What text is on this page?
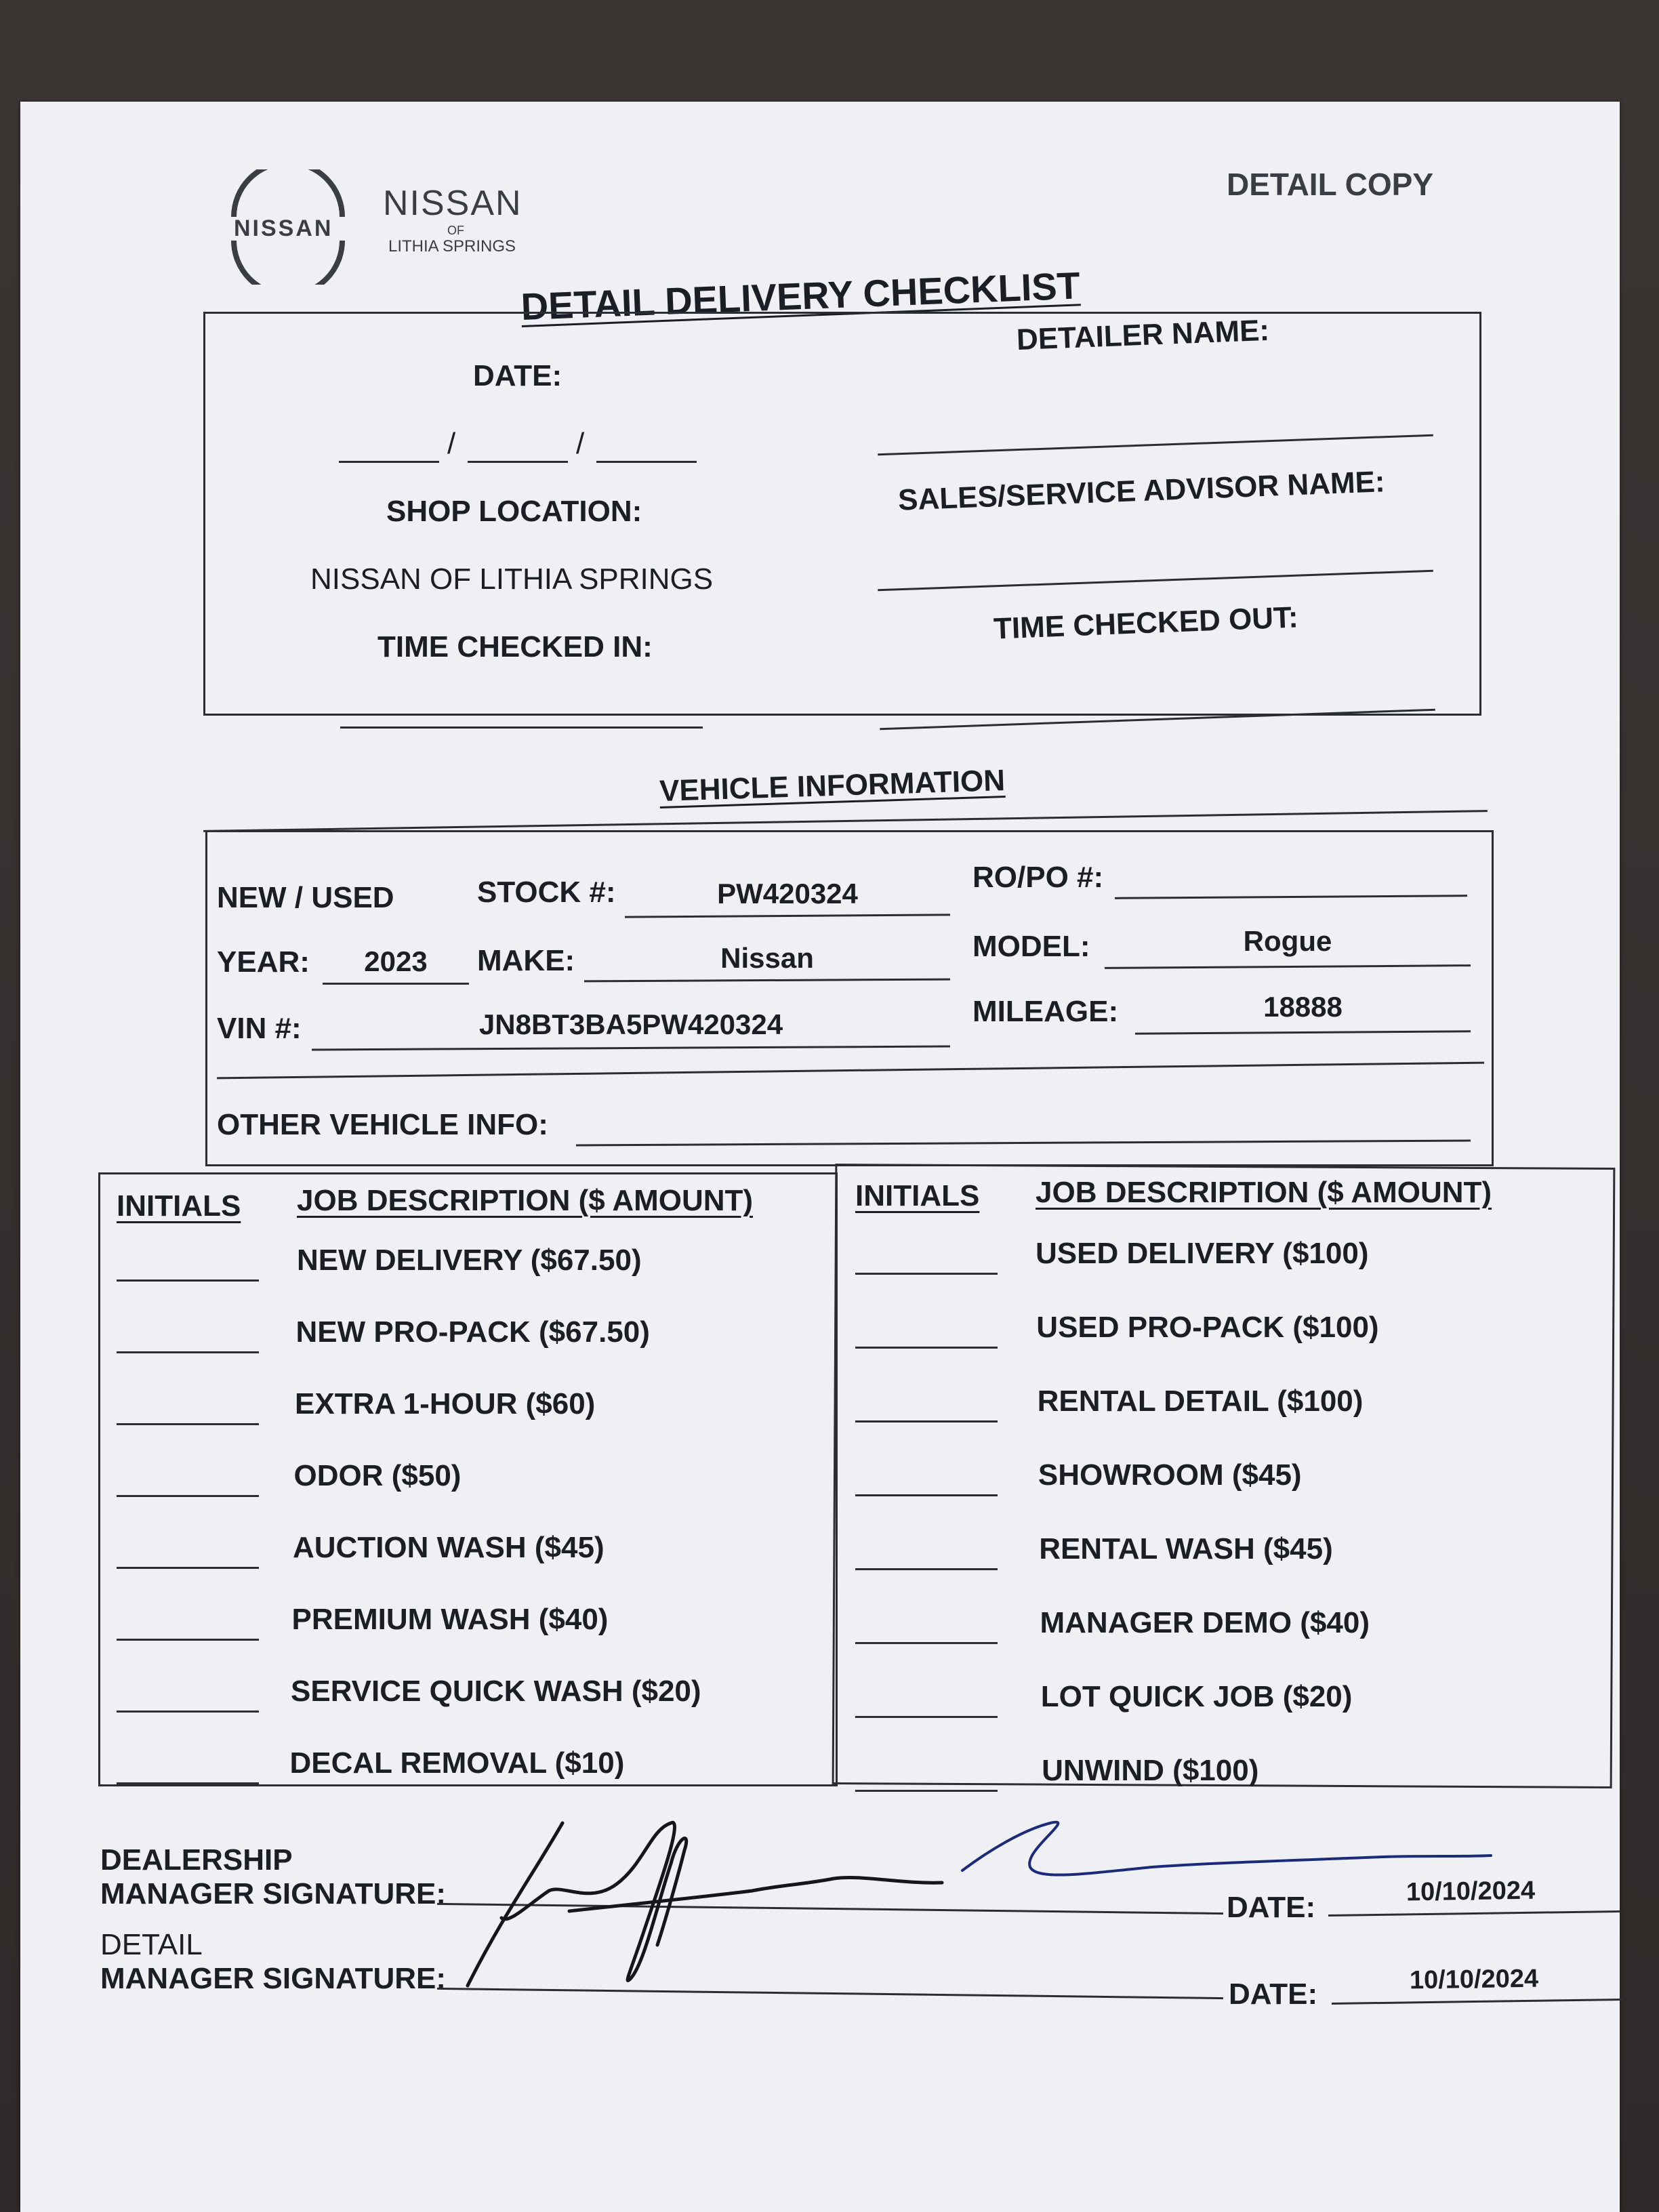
NISSAN
NISSAN
OF
LITHIA SPRINGS
DETAIL COPY
DETAIL DELIVERY CHECKLIST
DATE:
/	/
DETAILER NAME:
SHOP LOCATION:
NISSAN OF LITHIA SPRINGS
SALES/SERVICE ADVISOR NAME:
TIME CHECKED IN:
TIME CHECKED OUT:
VEHICLE INFORMATION
NEW / USED	STOCK #:	PW420324	RO/PO #:
YEAR:	2023	MAKE:	Nissan	MODEL:	Rogue
VIN #:	JN8BT3BA5PW420324	MILEAGE:	18888
OTHER VEHICLE INFO:
INITIALS JOB DESCRIPTION ($ AMOUNT)	INITIALS JOB DESCRIPTION ($ AMOUNT)
NEW DELIVERY ($67.50)
NEW PRO-PACK ($67.50)
EXTRA 1-HOUR ($60)
ODOR ($50)
AUCTION WASH ($45)
PREMIUM WASH ($40)
SERVICE QUICK WASH ($20)
DECAL REMOVAL ($10)
USED DELIVERY ($100)
USED PRO-PACK ($100)
RENTAL DETAIL ($100)
SHOWROOM ($45)
RENTAL WASH ($45)
MANAGER DEMO ($40)
LOT QUICK JOB ($20)
UNWIND ($100)
DEALERSHIP
MANAGER SIGNATURE:	DATE:	10/10/2024
DETAIL
MANAGER SIGNATURE:	DATE:	10/10/2024
